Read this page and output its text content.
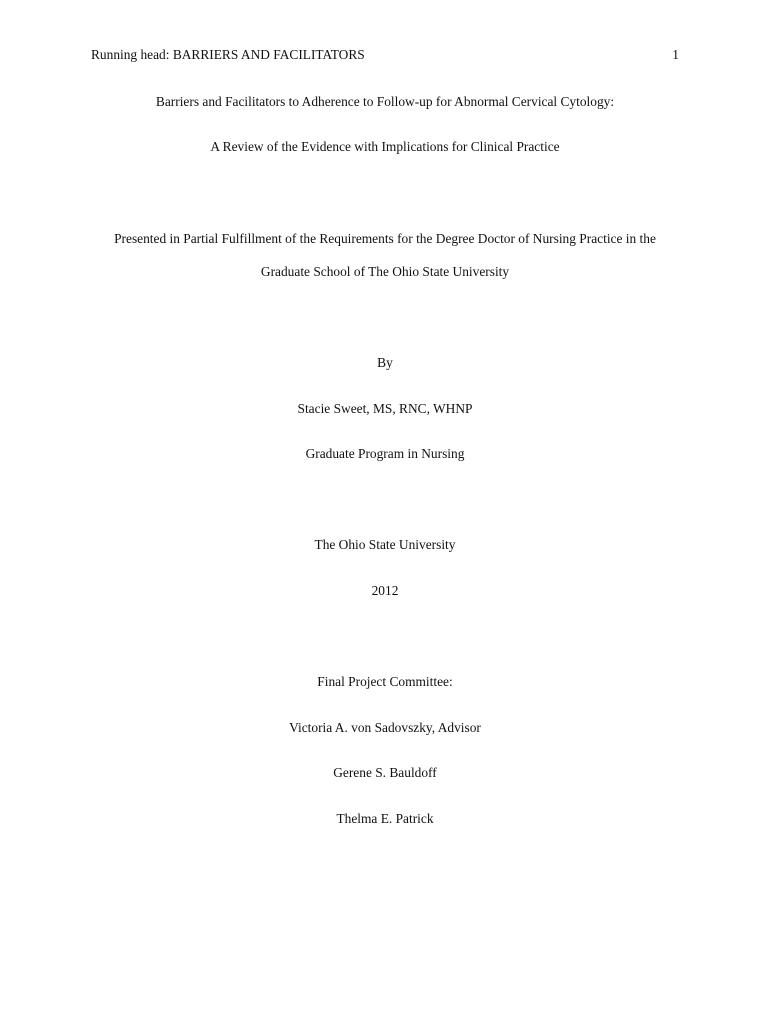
Running head: BARRIERS AND FACILITATORS	1
Barriers and Facilitators to Adherence to Follow-up for Abnormal Cervical Cytology:
A Review of the Evidence with Implications for Clinical Practice
Presented in Partial Fulfillment of the Requirements for the Degree Doctor of Nursing Practice in the
Graduate School of The Ohio State University
By
Stacie Sweet, MS, RNC, WHNP
Graduate Program in Nursing
The Ohio State University
2012
Final Project Committee:
Victoria A. von Sadovszky, Advisor
Gerene S. Bauldoff
Thelma E. Patrick
